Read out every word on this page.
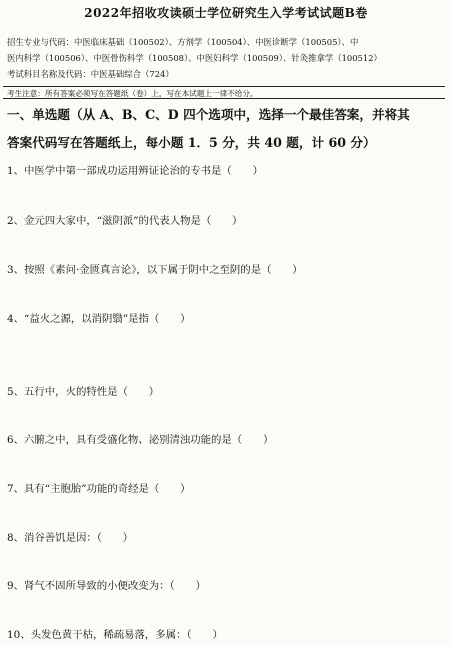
2022年招收攻读硕士学位研究生入学考试试题B卷
招生专业与代码：中医临床基础（100502）、方剂学（100504）、中医诊断学（100505）、中
医内科学（100506）、中医骨伤科学（100508）、中医妇科学（100509）、针灸推拿学（100512）
考试科目名称及代码：中医基础综合（724）
考生注意：所有答案必须写在答题纸（卷）上，写在本试题上一律不给分。
一、单选题（从 A、B、C、D 四个选项中，选择一个最佳答案，并将其
答案代码写在答题纸上，每小题 1．5 分，共 40 题，计 60 分）
1、中医学中第一部成功运用辨证论治的专书是（　　）
2、金元四大家中，“滋阴派”的代表人物是（　　）
3、按照《素问·金匮真言论》，以下属于阴中之至阴的是（　　）
4、“益火之源，以消阴翳”是指（　　）
5、五行中，火的特性是（　　）
6、六腑之中，具有受盛化物、泌别清浊功能的是（　　）
7、具有“主胞胎”功能的奇经是（　　）
8、消谷善饥是因：（　　）
9、肾气不固所导致的小便改变为：（　　）
10、头发色黄干枯，稀疏易落，多属：（　　）
